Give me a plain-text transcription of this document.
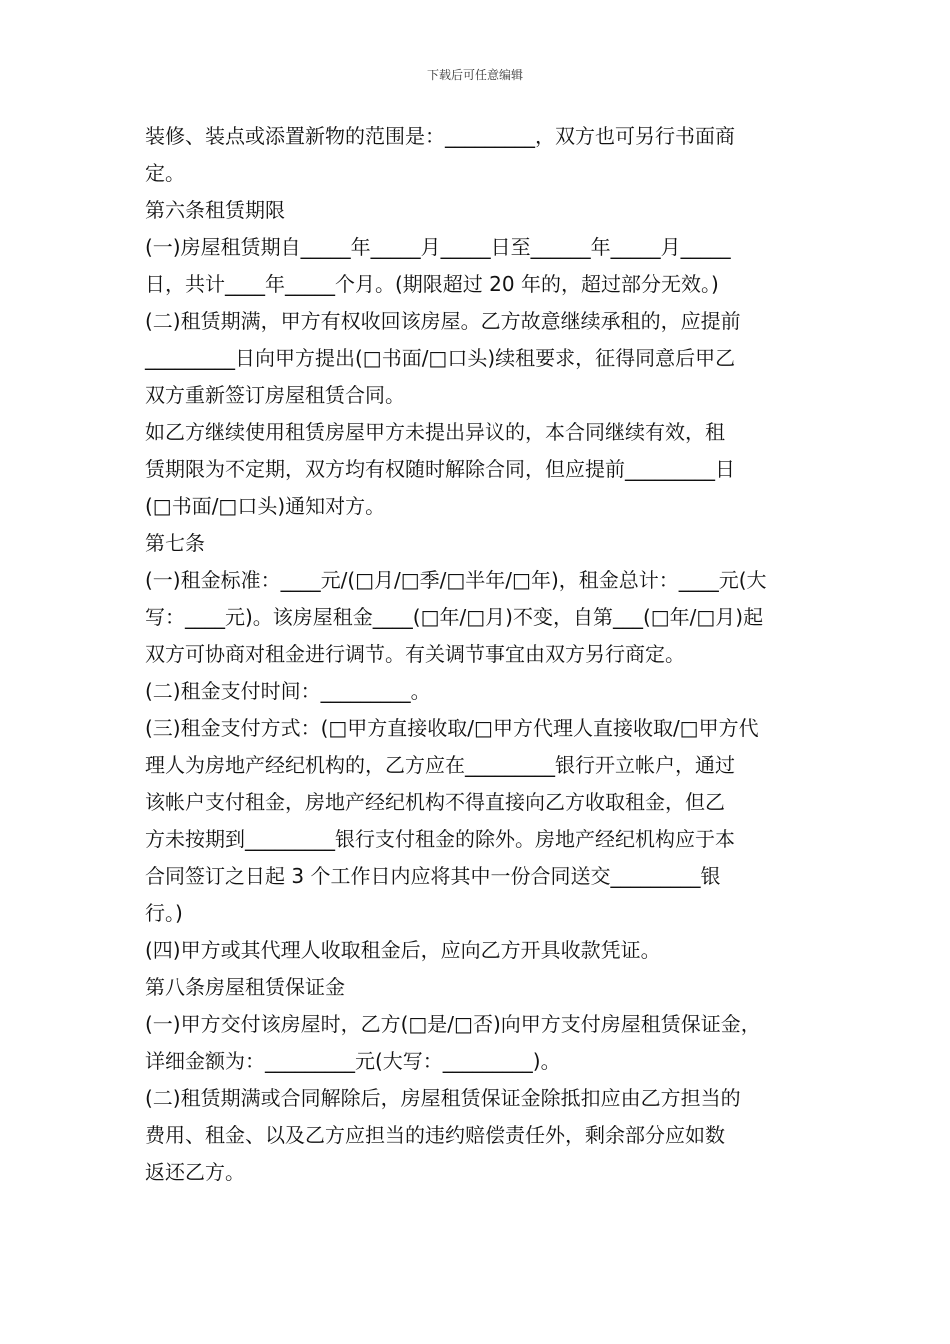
下载后可任意编辑
装修、装点或添置新物的范围是：_________，双方也可另行书面商
定。
第六条租赁期限
(一)房屋租赁期自_____年_____月_____日至______年_____月_____
日，共计____年_____个月。(期限超过 20 年的，超过部分无效。)
(二)租赁期满，甲方有权收回该房屋。乙方故意继续承租的，应提前
_________日向甲方提出(□书面/□口头)续租要求，征得同意后甲乙
双方重新签订房屋租赁合同。
如乙方继续使用租赁房屋甲方未提出异议的，本合同继续有效，租
赁期限为不定期，双方均有权随时解除合同，但应提前_________日
(□书面/□口头)通知对方。
第七条
(一)租金标准：____元/(□月/□季/□半年/□年)，租金总计：____元(大
写：____元)。该房屋租金____(□年/□月)不变，自第___(□年/□月)起
双方可协商对租金进行调节。有关调节事宜由双方另行商定。
(二)租金支付时间：_________。
(三)租金支付方式：(□甲方直接收取/□甲方代理人直接收取/□甲方代
理人为房地产经纪机构的，乙方应在_________银行开立帐户，通过
该帐户支付租金，房地产经纪机构不得直接向乙方收取租金，但乙
方未按期到_________银行支付租金的除外。房地产经纪机构应于本
合同签订之日起 3 个工作日内应将其中一份合同送交_________银
行。)
(四)甲方或其代理人收取租金后，应向乙方开具收款凭证。
第八条房屋租赁保证金
(一)甲方交付该房屋时，乙方(□是/□否)向甲方支付房屋租赁保证金，
详细金额为：_________元(大写：_________)。
(二)租赁期满或合同解除后，房屋租赁保证金除抵扣应由乙方担当的
费用、租金、以及乙方应担当的违约赔偿责任外，剩余部分应如数
返还乙方。
